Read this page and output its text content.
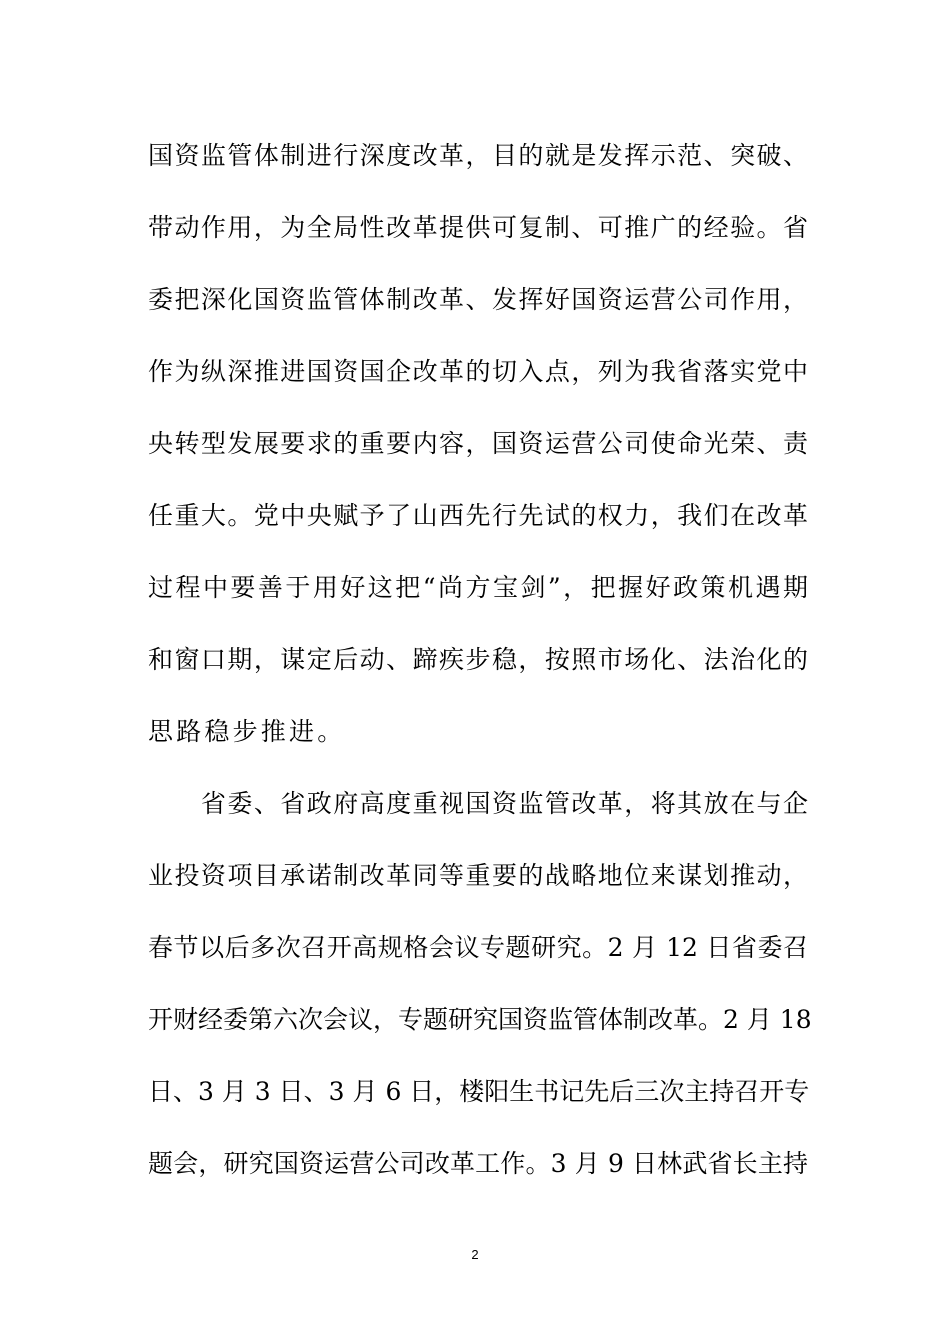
国资监管体制进行深度改革，目的就是发挥示范、突破、
带动作用，为全局性改革提供可复制、可推广的经验。省
委把深化国资监管体制改革、发挥好国资运营公司作用，
作为纵深推进国资国企改革的切入点，列为我省落实党中
央转型发展要求的重要内容，国资运营公司使命光荣、责
任重大。党中央赋予了山西先行先试的权力，我们在改革
过程中要善于用好这把“尚方宝剑”，把握好政策机遇期
和窗口期，谋定后动、蹄疾步稳，按照市场化、法治化的
思路稳步推进。
　　省委、省政府高度重视国资监管改革，将其放在与企
业投资项目承诺制改革同等重要的战略地位来谋划推动，
春节以后多次召开高规格会议专题研究。2 月 12 日省委召
开财经委第六次会议，专题研究国资监管体制改革。2 月 18
日、3 月 3 日、3 月 6 日，楼阳生书记先后三次主持召开专
题会，研究国资运营公司改革工作。3 月 9 日林武省长主持
2
